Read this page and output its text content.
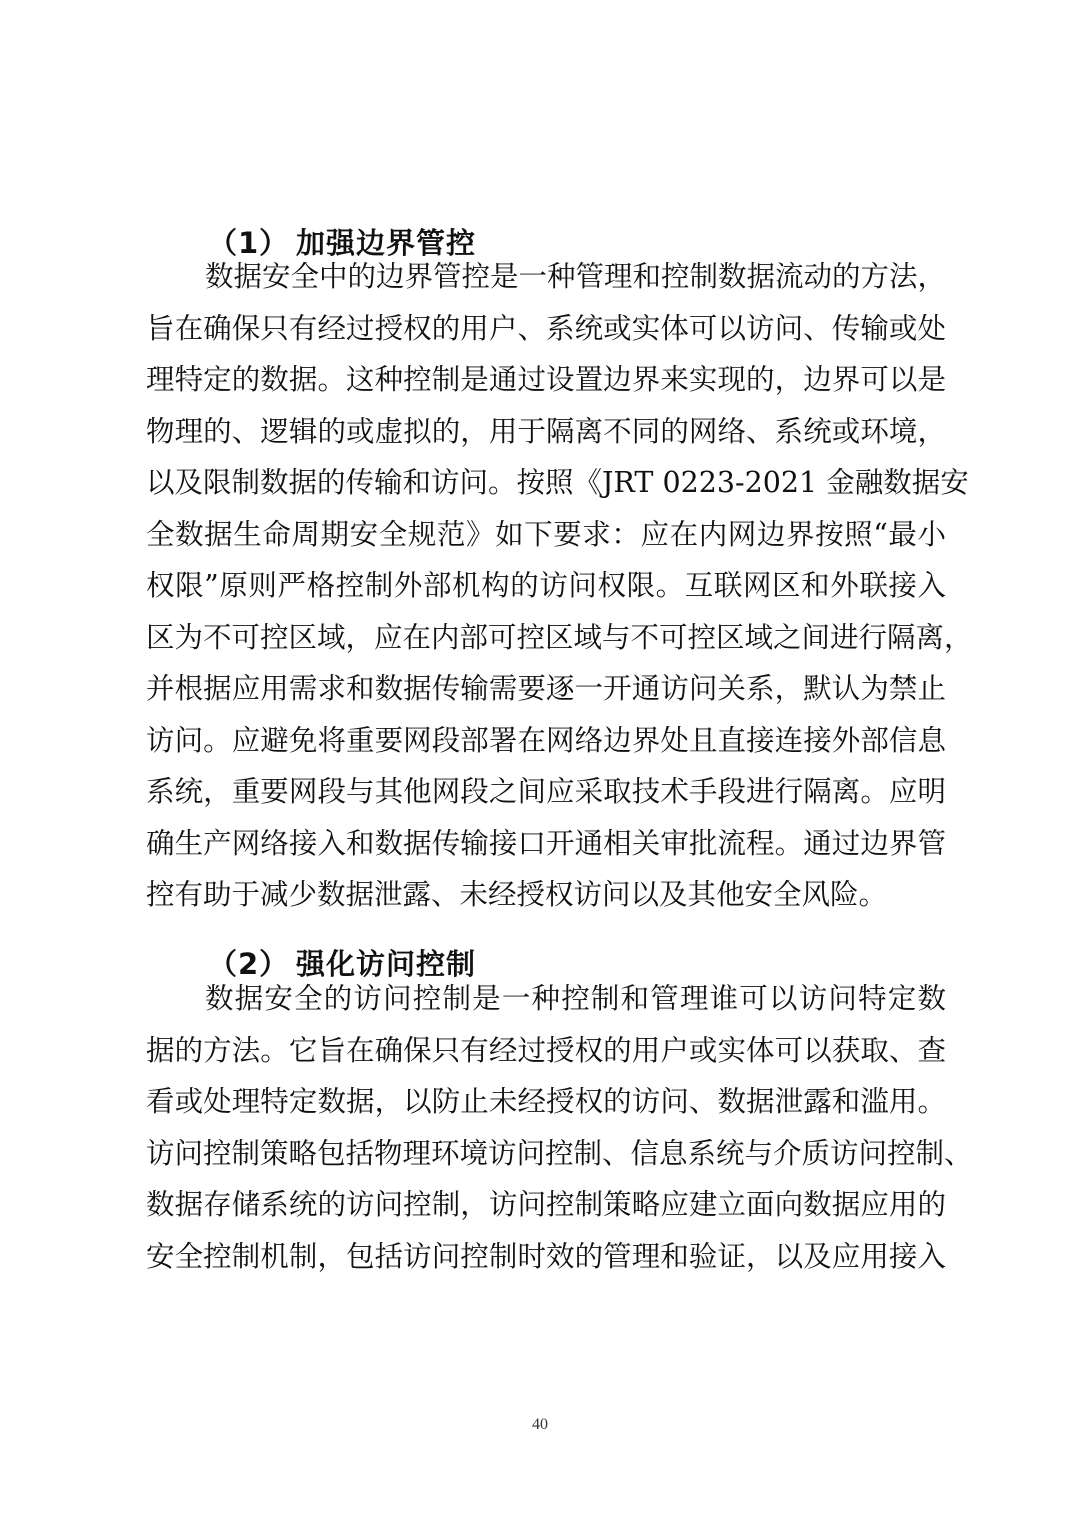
（1） 加强边界管控
数据安全中的边界管控是一种管理和控制数据流动的方法，
旨在确保只有经过授权的用户、系统或实体可以访问、传输或处
理特定的数据。这种控制是通过设置边界来实现的，边界可以是
物理的、逻辑的或虚拟的，用于隔离不同的网络、系统或环境，
以及限制数据的传输和访问。按照《JRT 0223-2021 金融数据安
全数据生命周期安全规范》如下要求：应在内网边界按照“最小
权限”原则严格控制外部机构的访问权限。互联网区和外联接入
区为不可控区域，应在内部可控区域与不可控区域之间进行隔离，
并根据应用需求和数据传输需要逐一开通访问关系，默认为禁止
访问。应避免将重要网段部署在网络边界处且直接连接外部信息
系统，重要网段与其他网段之间应采取技术手段进行隔离。应明
确生产网络接入和数据传输接口开通相关审批流程。通过边界管
控有助于减少数据泄露、未经授权访问以及其他安全风险。
（2） 强化访问控制
数据安全的访问控制是一种控制和管理谁可以访问特定数
据的方法。它旨在确保只有经过授权的用户或实体可以获取、查
看或处理特定数据，以防止未经授权的访问、数据泄露和滥用。
访问控制策略包括物理环境访问控制、信息系统与介质访问控制、
数据存储系统的访问控制，访问控制策略应建立面向数据应用的
安全控制机制，包括访问控制时效的管理和验证，以及应用接入
40
